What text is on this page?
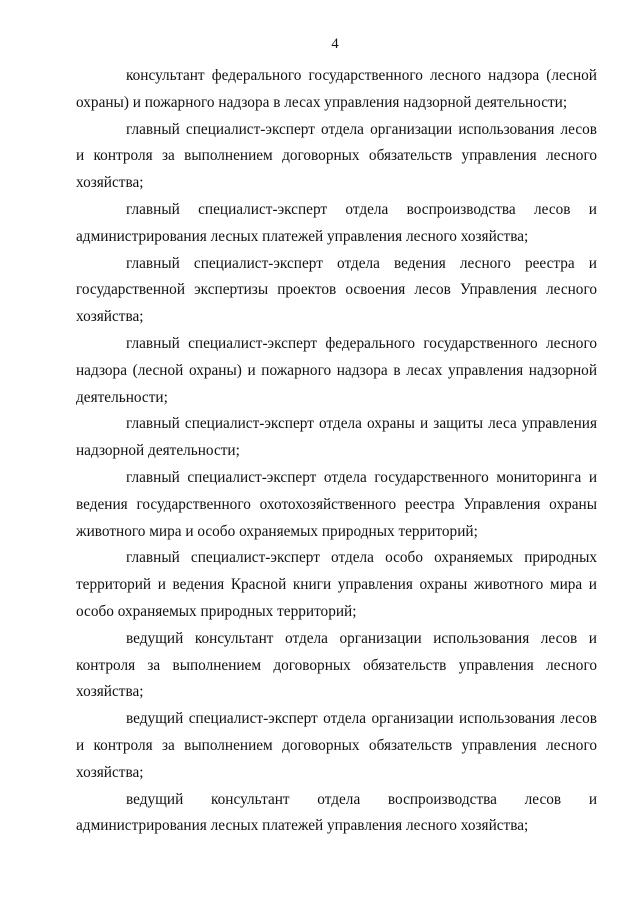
4

консультант федерального государственного лесного надзора (лесной охраны) и пожарного надзора в лесах управления надзорной деятельности;

главный специалист-эксперт отдела организации использования лесов и контроля за выполнением договорных обязательств управления лесного хозяйства;

главный специалист-эксперт отдела воспроизводства лесов и администрирования лесных платежей управления лесного хозяйства;

главный специалист-эксперт отдела ведения лесного реестра и государственной экспертизы проектов освоения лесов Управления лесного хозяйства;

главный специалист-эксперт федерального государственного лесного надзора (лесной охраны) и пожарного надзора в лесах управления надзорной деятельности;

главный специалист-эксперт отдела охраны и защиты леса управления надзорной деятельности;

главный специалист-эксперт отдела государственного мониторинга и ведения государственного охотохозяйственного реестра Управления охраны животного мира и особо охраняемых природных территорий;

главный специалист-эксперт отдела особо охраняемых природных территорий и ведения Красной книги управления охраны животного мира и особо охраняемых природных территорий;

ведущий консультант отдела организации использования лесов и контроля за выполнением договорных обязательств управления лесного хозяйства;

ведущий специалист-эксперт отдела организации использования лесов и контроля за выполнением договорных обязательств управления лесного хозяйства;

ведущий консультант отдела воспроизводства лесов и администрирования лесных платежей управления лесного хозяйства;
